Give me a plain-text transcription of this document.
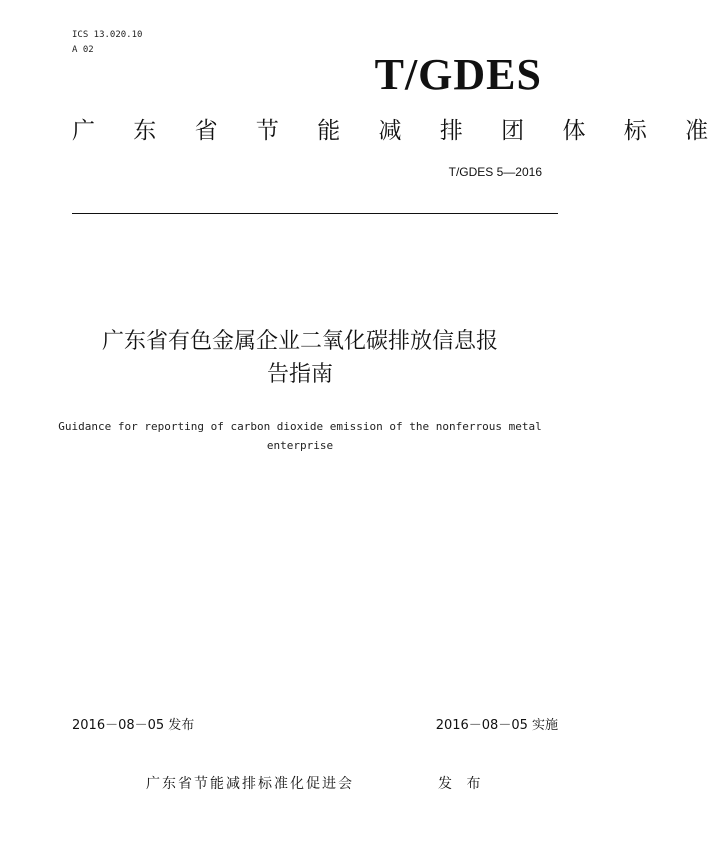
ICS 13.020.10
A 02	T/GDES
广 东 省 节 能 减 排 团 体 标 准
T/GDES 5—2016
广东省有色金属企业二氧化碳排放信息报
告指南
Guidance for reporting of carbon dioxide emission of the nonferrous metal
enterprise
2016－08－05 发布	2016－08－05 实施
广东省节能减排标准化促进会	发 布
